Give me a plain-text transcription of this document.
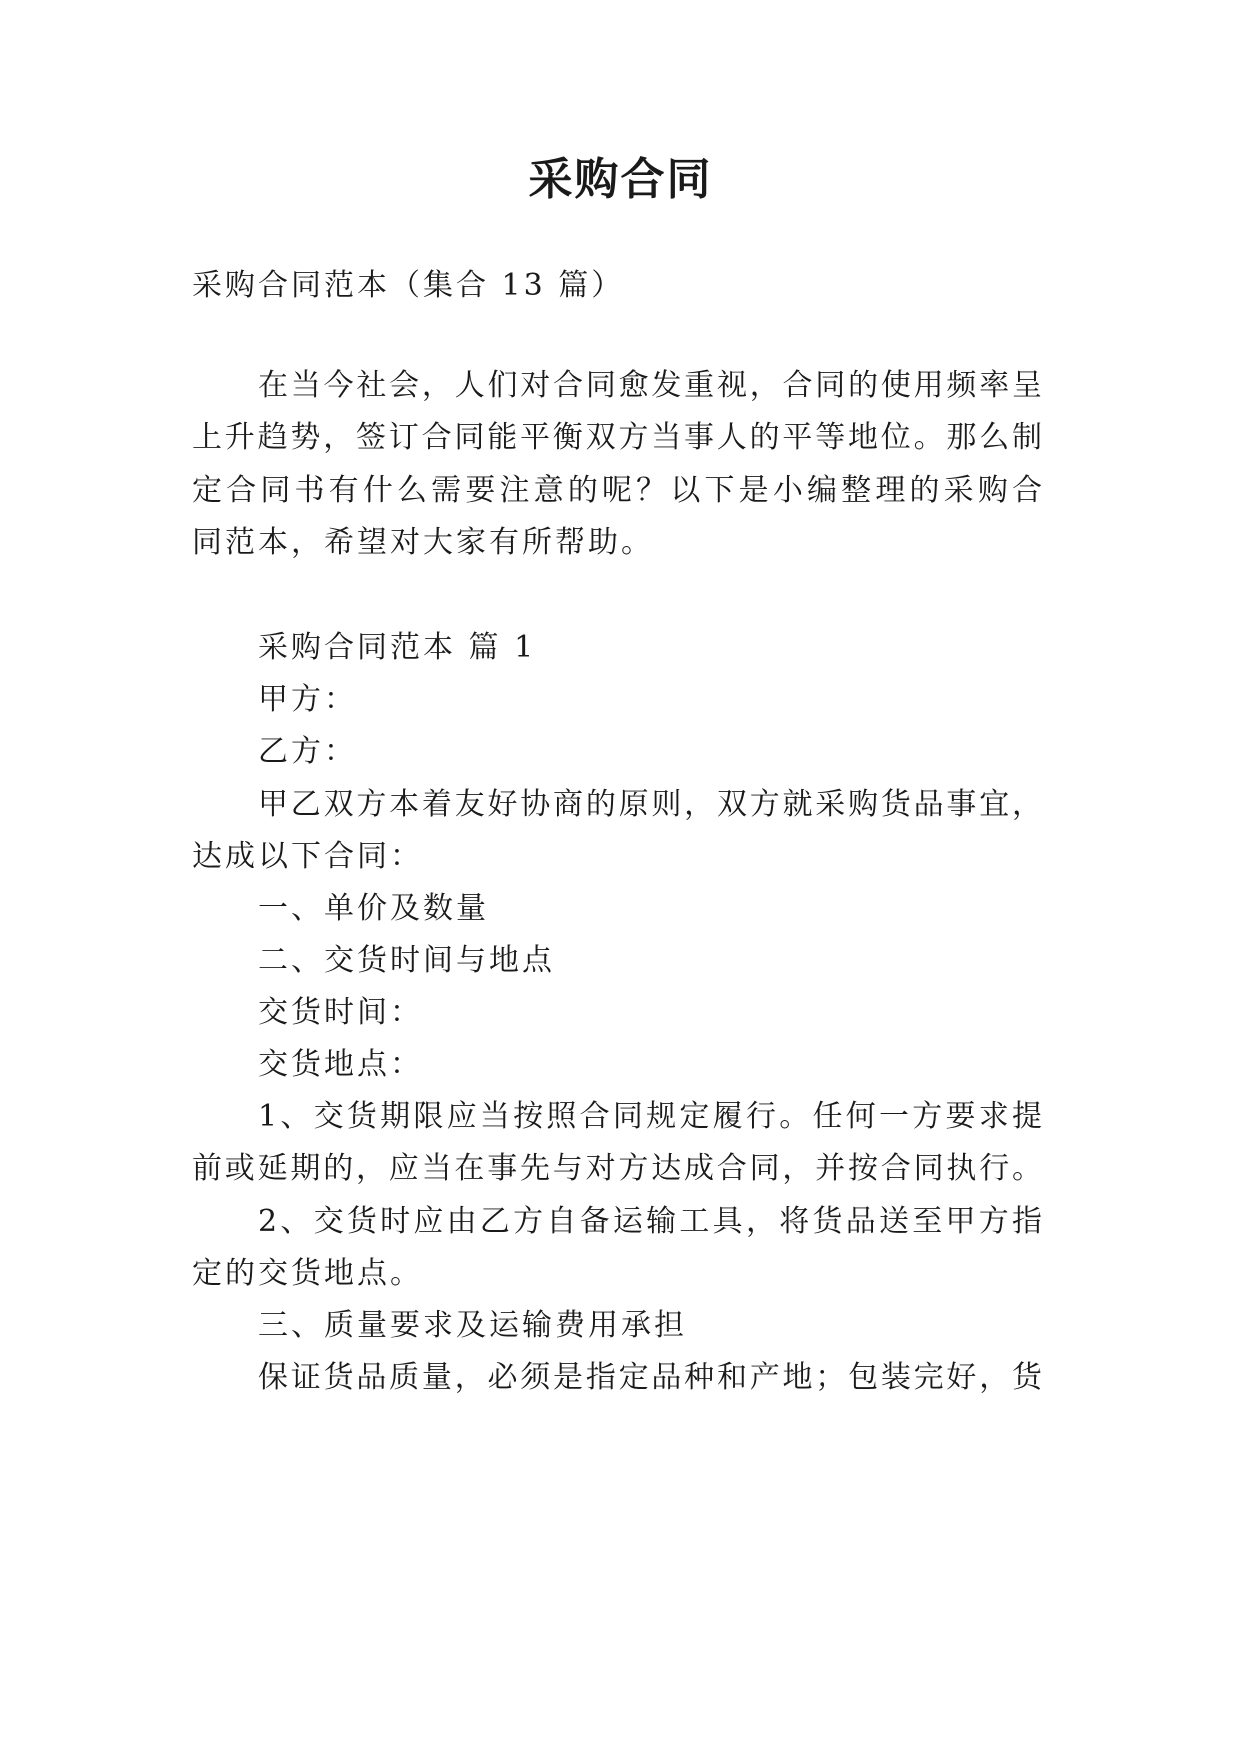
采购合同
采购合同范本（集合 13 篇）
在当今社会，人们对合同愈发重视，合同的使用频率呈
上升趋势，签订合同能平衡双方当事人的平等地位。那么制
定合同书有什么需要注意的呢？以下是小编整理的采购合
同范本，希望对大家有所帮助。
采购合同范本 篇 1
甲方：
乙方：
甲乙双方本着友好协商的原则，双方就采购货品事宜，
达成以下合同：
一、单价及数量
二、交货时间与地点
交货时间：
交货地点：
1、交货期限应当按照合同规定履行。任何一方要求提
前或延期的，应当在事先与对方达成合同，并按合同执行。
2、交货时应由乙方自备运输工具，将货品送至甲方指
定的交货地点。
三、质量要求及运输费用承担
保证货品质量，必须是指定品种和产地；包装完好，货
